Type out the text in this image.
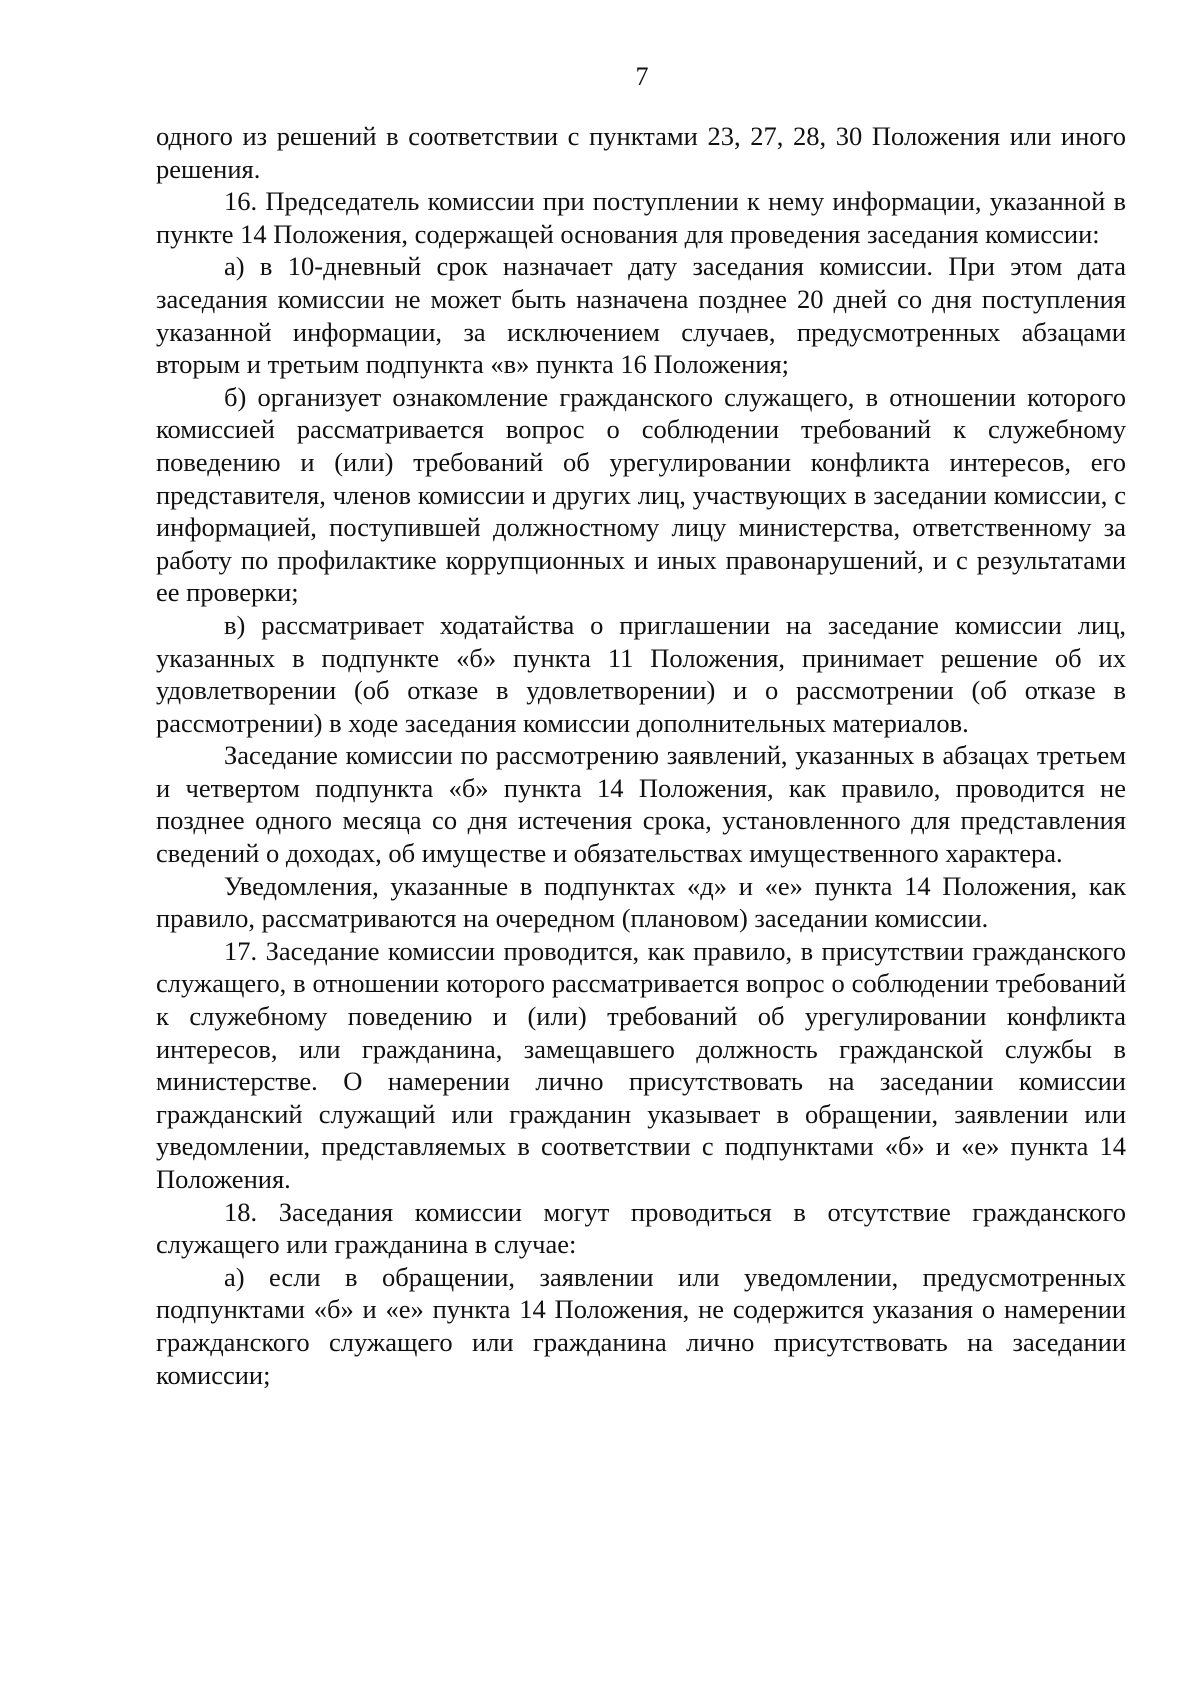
7

одного из решений в соответствии с пунктами 23, 27, 28, 30 Положения или иного решения.

16. Председатель комиссии при поступлении к нему информации, указанной в пункте 14 Положения, содержащей основания для проведения заседания комиссии:

а) в 10-дневный срок назначает дату заседания комиссии. При этом дата заседания комиссии не может быть назначена позднее 20 дней со дня поступления указанной информации, за исключением случаев, предусмотренных абзацами вторым и третьим подпункта «в» пункта 16 Положения;

б) организует ознакомление гражданского служащего, в отношении которого комиссией рассматривается вопрос о соблюдении требований к служебному поведению и (или) требований об урегулировании конфликта интересов, его представителя, членов комиссии и других лиц, участвующих в заседании комиссии, с информацией, поступившей должностному лицу министерства, ответственному за работу по профилактике коррупционных и иных правонарушений, и с результатами ее проверки;

в) рассматривает ходатайства о приглашении на заседание комиссии лиц, указанных в подпункте «б» пункта 11 Положения, принимает решение об их удовлетворении (об отказе в удовлетворении) и о рассмотрении (об отказе в рассмотрении) в ходе заседания комиссии дополнительных материалов.

Заседание комиссии по рассмотрению заявлений, указанных в абзацах третьем и четвертом подпункта «б» пункта 14 Положения, как правило, проводится не позднее одного месяца со дня истечения срока, установленного для представления сведений о доходах, об имуществе и обязательствах имущественного характера.

Уведомления, указанные в подпунктах «д» и «е» пункта 14 Положения, как правило, рассматриваются на очередном (плановом) заседании комиссии.

17. Заседание комиссии проводится, как правило, в присутствии гражданского служащего, в отношении которого рассматривается вопрос о соблюдении требований к служебному поведению и (или) требований об урегулировании конфликта интересов, или гражданина, замещавшего должность гражданской службы в министерстве. О намерении лично присутствовать на заседании комиссии гражданский служащий или гражданин указывает в обращении, заявлении или уведомлении, представляемых в соответствии с подпунктами «б» и «е» пункта 14 Положения.

18. Заседания комиссии могут проводиться в отсутствие гражданского служащего или гражданина в случае:

а) если в обращении, заявлении или уведомлении, предусмотренных подпунктами «б» и «е» пункта 14 Положения, не содержится указания о намерении гражданского служащего или гражданина лично присутствовать на заседании комиссии;
